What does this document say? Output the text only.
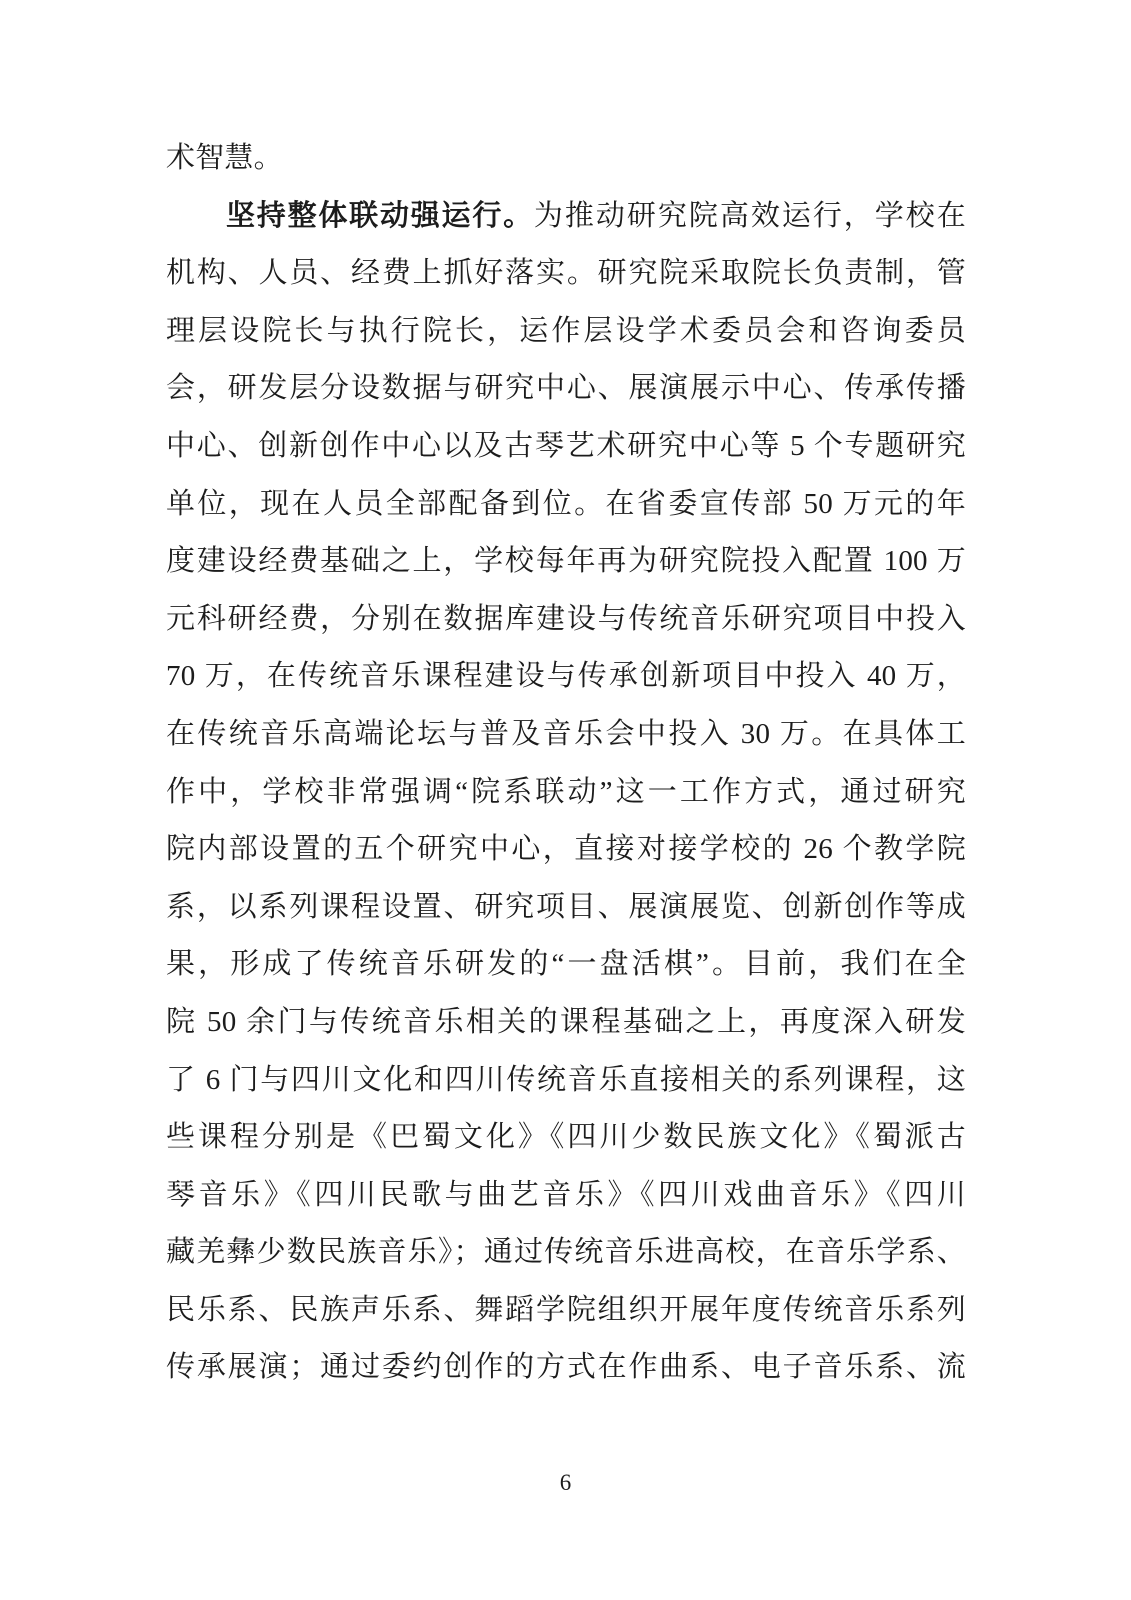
术智慧。
坚持整体联动强运行。为推动研究院高效运行，学校在
机构、人员、经费上抓好落实。研究院采取院长负责制，管
理层设院长与执行院长，运作层设学术委员会和咨询委员
会，研发层分设数据与研究中心、展演展示中心、传承传播
中心、创新创作中心以及古琴艺术研究中心等 5 个专题研究
单位，现在人员全部配备到位。在省委宣传部 50 万元的年
度建设经费基础之上，学校每年再为研究院投入配置 100 万
元科研经费，分别在数据库建设与传统音乐研究项目中投入
70 万，在传统音乐课程建设与传承创新项目中投入 40 万，
在传统音乐高端论坛与普及音乐会中投入 30 万。在具体工
作中，学校非常强调“院系联动”这一工作方式，通过研究
院内部设置的五个研究中心，直接对接学校的 26 个教学院
系，以系列课程设置、研究项目、展演展览、创新创作等成
果，形成了传统音乐研发的“一盘活棋”。目前，我们在全
院 50 余门与传统音乐相关的课程基础之上，再度深入研发
了 6 门与四川文化和四川传统音乐直接相关的系列课程，这
些课程分别是《巴蜀文化》《四川少数民族文化》《蜀派古
琴音乐》《四川民歌与曲艺音乐》《四川戏曲音乐》《四川
藏羌彝少数民族音乐》；通过传统音乐进高校，在音乐学系、
民乐系、民族声乐系、舞蹈学院组织开展年度传统音乐系列
传承展演；通过委约创作的方式在作曲系、电子音乐系、流
6
